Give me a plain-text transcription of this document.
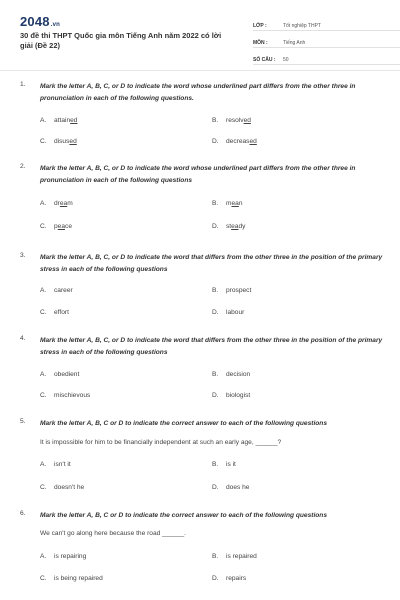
2048.vn
30 đề thi THPT Quốc gia môn Tiếng Anh năm 2022 có lời giải (Đề 22)
LỚP :	Tốt nghiệp THPT
MÔN :	Tiếng Anh
SỐ CÂU :	50
1. Mark the letter A, B, C, or D to indicate the word whose underlined part differs from the other three in pronunciation in each of the following questions.
A. attained	B. resolved
C. disused	D. decreased
2. Mark the letter A, B, C, or D to indicate the word whose underlined part differs from the other three in pronunciation in each of the following questions
A. dream	B. mean
C. peace	D. steady
3. Mark the letter A, B, C, or D to indicate the word that differs from the other three in the position of the primary stress in each of the following questions
A. career	B. prospect
C. effort	D. labour
4. Mark the letter A, B, C, or D to indicate the word that differs from the other three in the position of the primary stress in each of the following questions
A. obedient	B. decision
C. mischievous	D. biologist
5. Mark the letter A, B, C or D to indicate the correct answer to each of the following questions
It is impossible for him to be financially independent at such an early age, ______?
A. isn't it	B. is it
C. doesn't he	D. does he
6. Mark the letter A, B, C or D to indicate the correct answer to each of the following questions
We can't go along here because the road ______.
A. is repairing	B. is repaired
C. is being repaired	D. repairs
